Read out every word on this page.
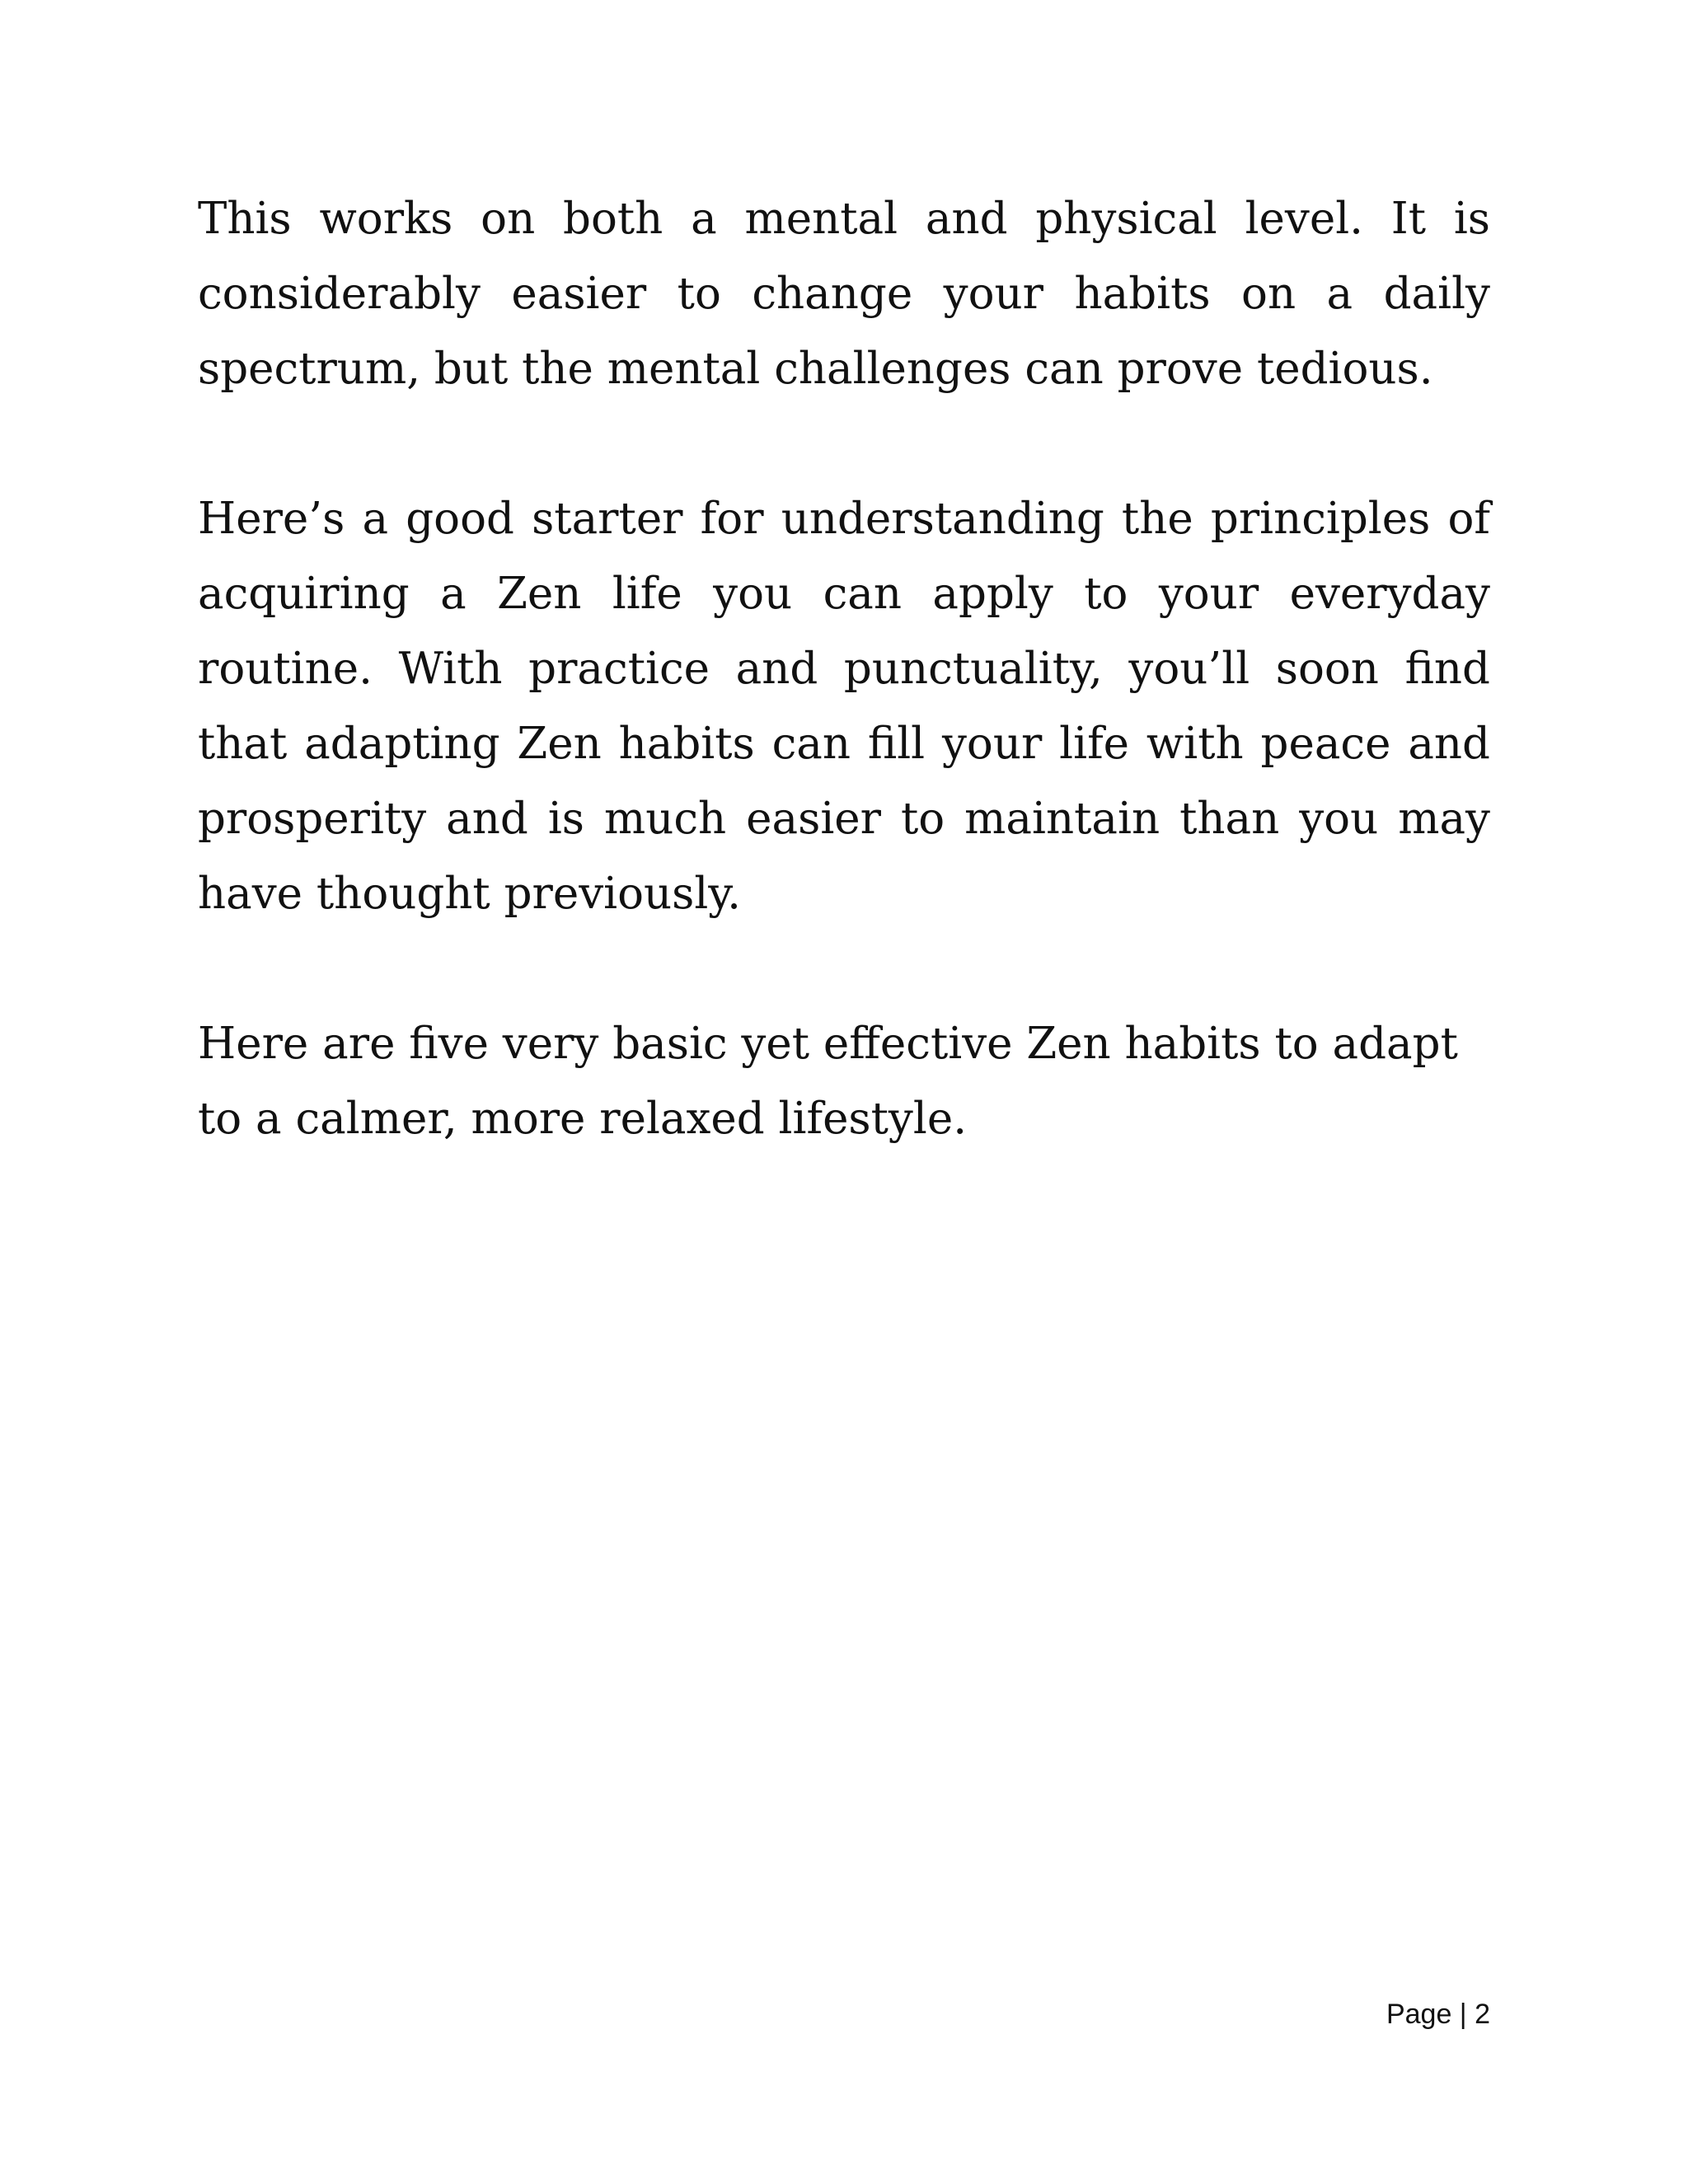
This works on both a mental and physical level. It is considerably easier to change your habits on a daily spectrum, but the mental challenges can prove tedious.

Here’s a good starter for understanding the principles of acquiring a Zen life you can apply to your everyday routine. With practice and punctuality, you’ll soon find that adapting Zen habits can fill your life with peace and prosperity and is much easier to maintain than you may have thought previously.

Here are five very basic yet effective Zen habits to adapt to a calmer, more relaxed lifestyle.

Page | 2
